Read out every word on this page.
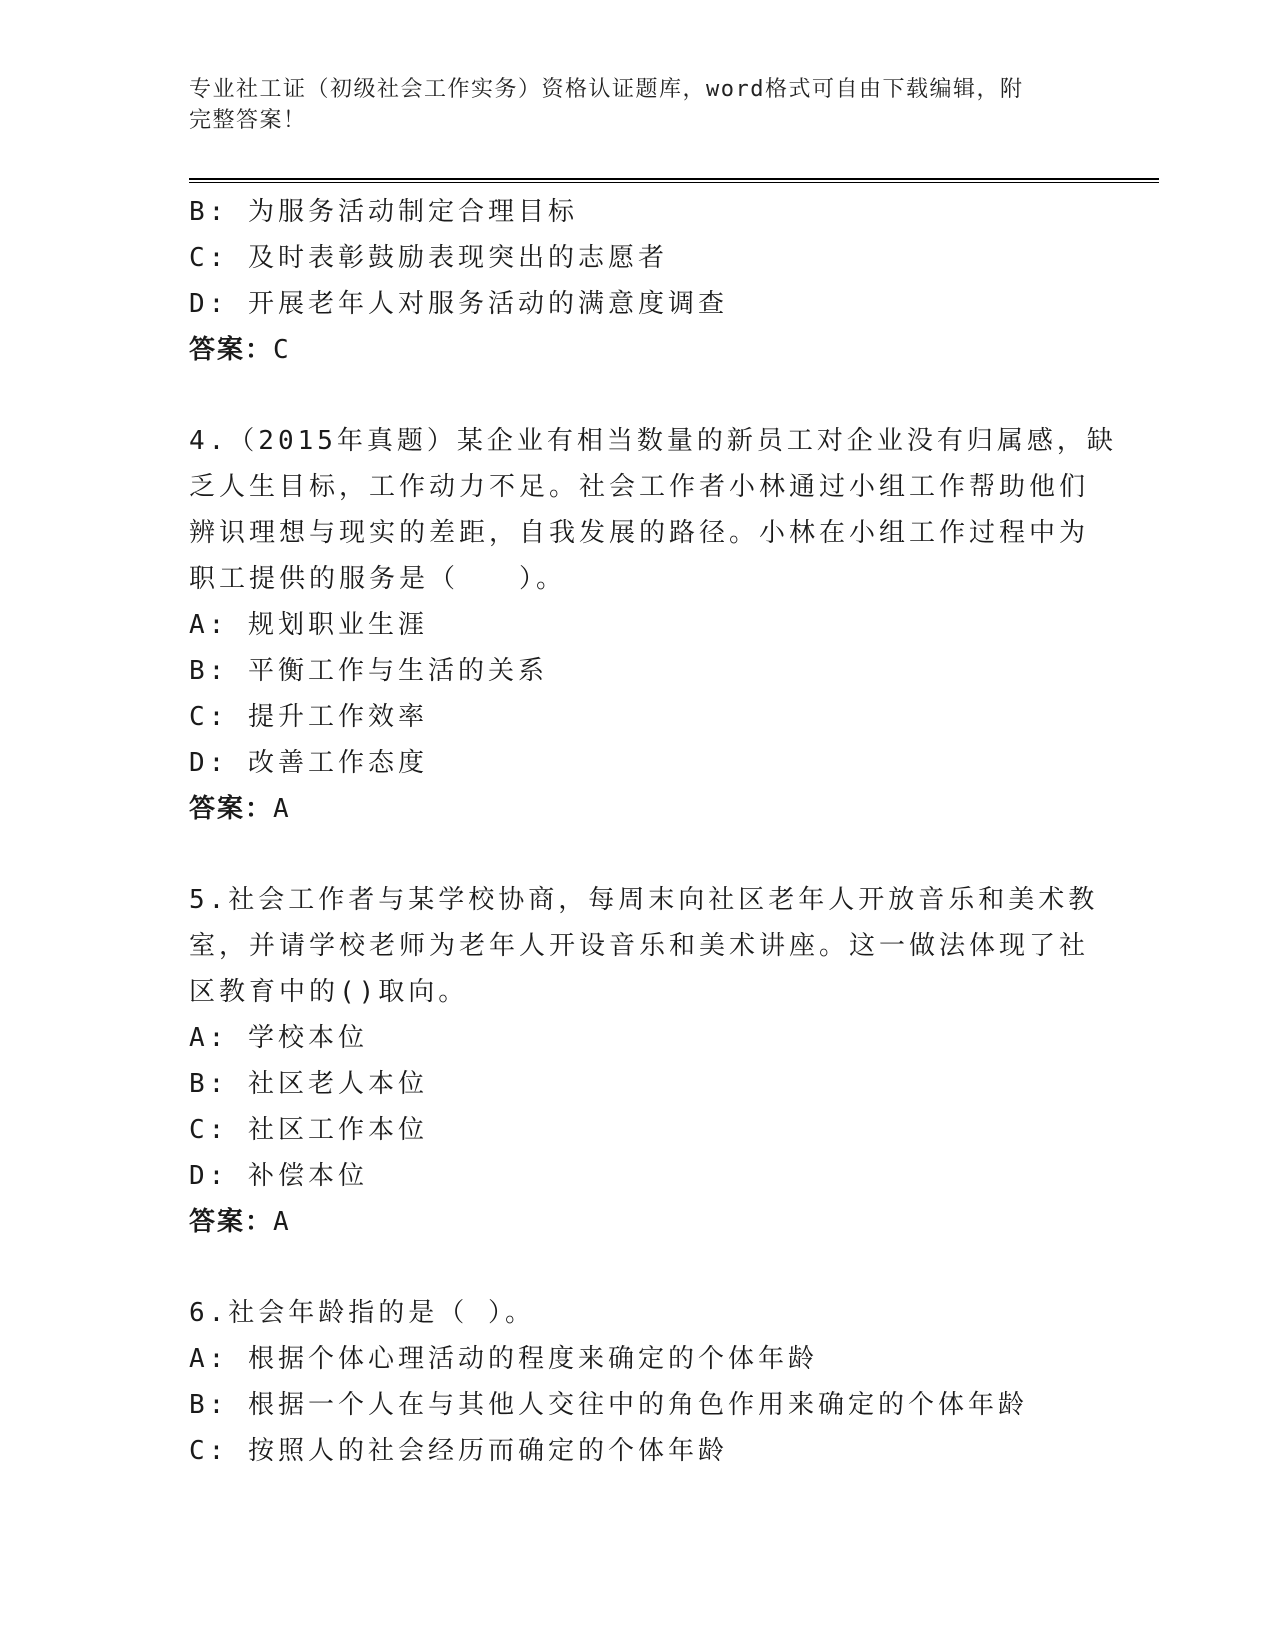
专业社工证（初级社会工作实务）资格认证题库，word格式可自由下载编辑，附
完整答案！

B: 为服务活动制定合理目标

C: 及时表彰鼓励表现突出的志愿者

D: 开展老年人对服务活动的满意度调查

答案：C

4.（2015年真题）某企业有相当数量的新员工对企业没有归属感，缺

乏人生目标，工作动力不足。社会工作者小林通过小组工作帮助他们

辨识理想与现实的差距，自我发展的路径。小林在小组工作过程中为

职工提供的服务是（　　）。

A: 规划职业生涯

B: 平衡工作与生活的关系

C: 提升工作效率

D: 改善工作态度

答案：A

5.社会工作者与某学校协商，每周末向社区老年人开放音乐和美术教

室，并请学校老师为老年人开设音乐和美术讲座。这一做法体现了社

区教育中的()取向。

A: 学校本位

B: 社区老人本位

C: 社区工作本位

D: 补偿本位

答案：A

6.社会年龄指的是（ ）。

A: 根据个体心理活动的程度来确定的个体年龄

B: 根据一个人在与其他人交往中的角色作用来确定的个体年龄

C: 按照人的社会经历而确定的个体年龄
